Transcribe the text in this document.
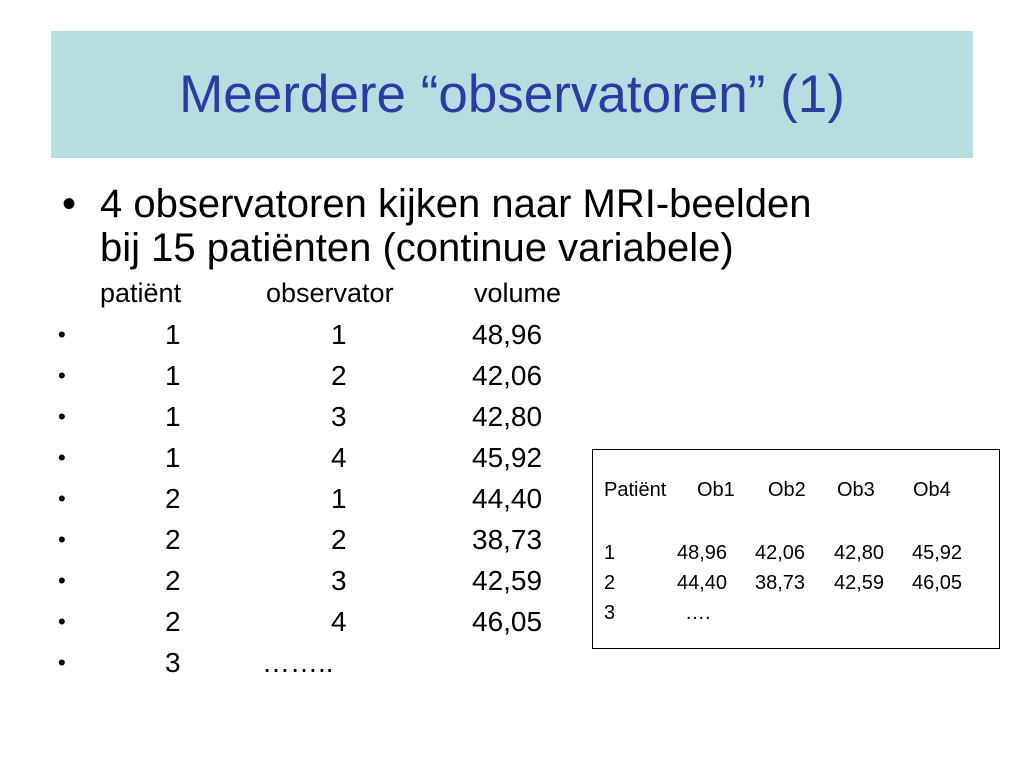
Meerdere “observatoren” (1)
• 4 observatoren kijken naar MRI-beelden
bij 15 patiënten (continue variabele)
patiënt	observator	volume
•	1	1	48,96
•	1	2	42,06
•	1	3	42,80
•	1	4	45,92
•	2	1	44,40
•	2	2	38,73
•	2	3	42,59
•	2	4	46,05
•	3	……..
Patiënt Ob1 Ob2 Ob3 Ob4
1	48,96 42,06 42,80 45,92
2	44,40 38,73 42,59 46,05
3	….
